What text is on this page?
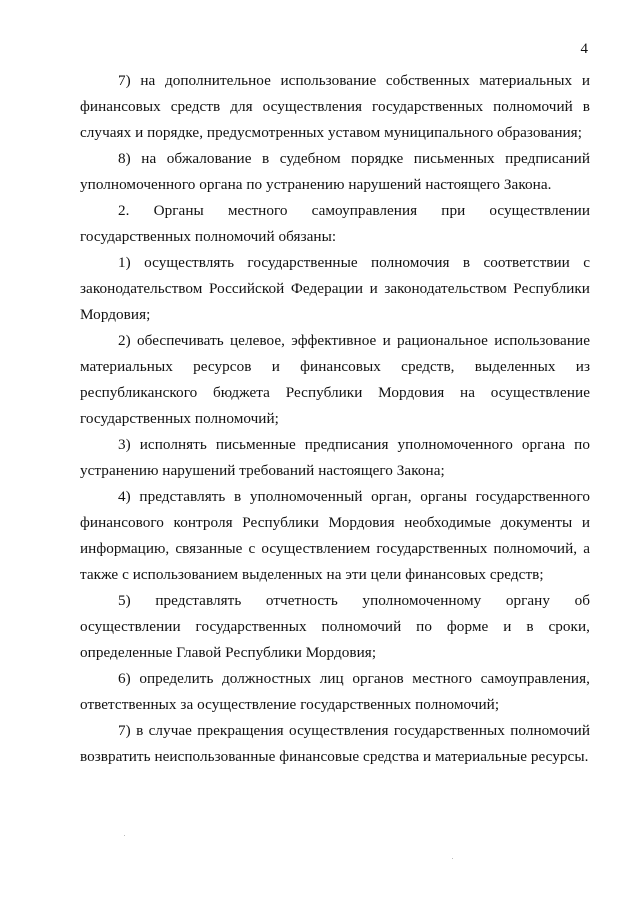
4

7) на дополнительное использование собственных материальных и финансовых средств для осуществления государственных полномочий в случаях и порядке, предусмотренных уставом муниципального образования;

8) на обжалование в судебном порядке письменных предписаний уполномоченного органа по устранению нарушений настоящего Закона.

2. Органы местного самоуправления при осуществлении государственных полномочий обязаны:

1) осуществлять государственные полномочия в соответствии с законодательством Российской Федерации и законодательством Республики Мордовия;

2) обеспечивать целевое, эффективное и рациональное использование материальных ресурсов и финансовых средств, выделенных из республиканского бюджета Республики Мордовия на осуществление государственных полномочий;

3) исполнять письменные предписания уполномоченного органа по устранению нарушений требований настоящего Закона;

4) представлять в уполномоченный орган, органы государственного финансового контроля Республики Мордовия необходимые документы и информацию, связанные с осуществлением государственных полномочий, а также с использованием выделенных на эти цели финансовых средств;

5) представлять отчетность уполномоченному органу об осуществлении государственных полномочий по форме и в сроки, определенные Главой Республики Мордовия;

6) определить должностных лиц органов местного самоуправления, ответственных за осуществление государственных полномочий;

7) в случае прекращения осуществления государственных полномочий возвратить неиспользованные финансовые средства и материальные ресурсы.
